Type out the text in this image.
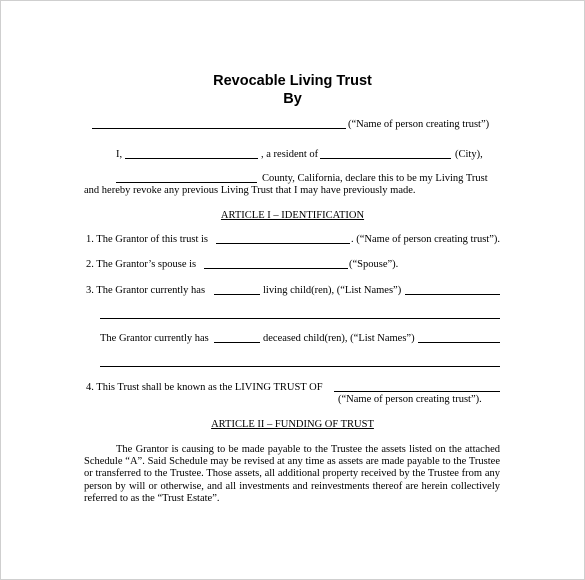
Revocable Living Trust
By
(“Name of person creating trust”)
I,	, a resident of	(City),
County, California, declare this to be my Living Trust
and hereby revoke any previous Living Trust that I may have previously made.
ARTICLE I – IDENTIFICATION
1. The Grantor of this trust is	. (“Name of person creating trust”).
2. The Grantor’s spouse is	(“Spouse”).
3. The Grantor currently has	living child(ren), (“List Names”)
The Grantor currently has	deceased child(ren), (“List Names”)
4. This Trust shall be known as the LIVING TRUST OF
(“Name of person creating trust”).
ARTICLE II – FUNDING OF TRUST
The Grantor is causing to be made payable to the Trustee the assets listed on the attached Schedule “A”. Said Schedule may be revised at any time as assets are made payable to the Trustee or transferred to the Trustee. Those assets, all additional property received by the Trustee from any person by will or otherwise, and all investments and reinvestments thereof are herein collectively referred to as the “Trust Estate”.
